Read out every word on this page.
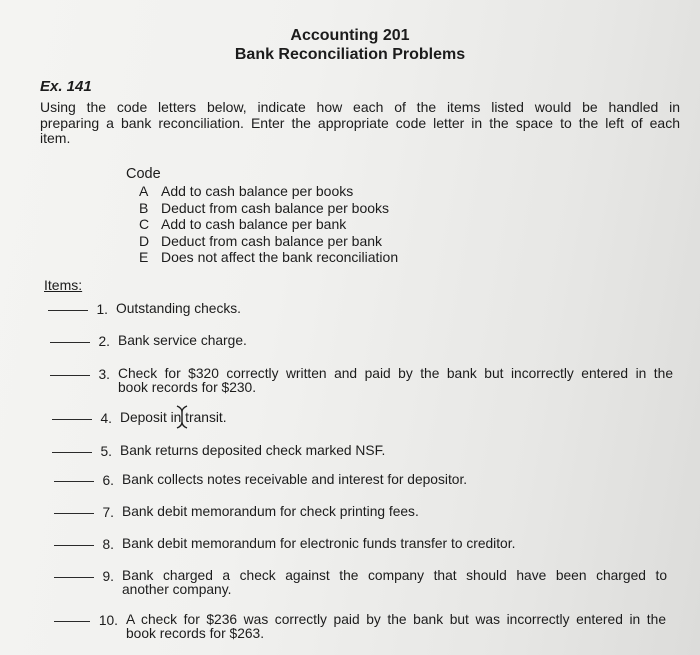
Accounting 201
Bank Reconciliation Problems
Ex. 141
Using the code letters below, indicate how each of the items listed would be handled in
preparing a bank reconciliation. Enter the appropriate code letter in the space to the left of each
item.
Code
A Add to cash balance per books
B Deduct from cash balance per books
C Add to cash balance per bank
D Deduct from cash balance per bank
E Does not affect the bank reconciliation
Items:
1. Outstanding checks.
2. Bank service charge.
3. Check for $320 correctly written and paid by the bank but incorrectly entered in the
book records for $230.
4. Deposit in transit.
5. Bank returns deposited check marked NSF.
6. Bank collects notes receivable and interest for depositor.
7. Bank debit memorandum for check printing fees.
8. Bank debit memorandum for electronic funds transfer to creditor.
9. Bank charged a check against the company that should have been charged to
another company.
10. A check for $236 was correctly paid by the bank but was incorrectly entered in the
book records for $263.
